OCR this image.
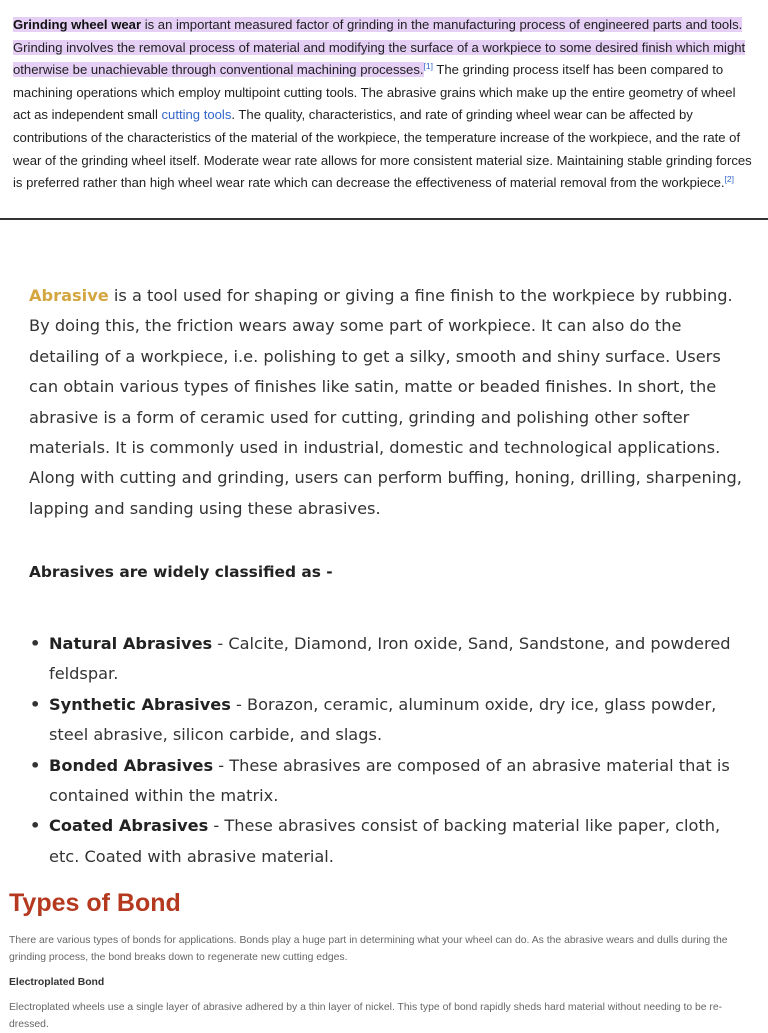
Grinding wheel wear is an important measured factor of grinding in the manufacturing process of engineered parts and tools. Grinding involves the removal process of material and modifying the surface of a workpiece to some desired finish which might otherwise be unachievable through conventional machining processes.[1] The grinding process itself has been compared to machining operations which employ multipoint cutting tools. The abrasive grains which make up the entire geometry of wheel act as independent small cutting tools. The quality, characteristics, and rate of grinding wheel wear can be affected by contributions of the characteristics of the material of the workpiece, the temperature increase of the workpiece, and the rate of wear of the grinding wheel itself. Moderate wear rate allows for more consistent material size. Maintaining stable grinding forces is preferred rather than high wheel wear rate which can decrease the effectiveness of material removal from the workpiece.[2]
Abrasive is a tool used for shaping or giving a fine finish to the workpiece by rubbing. By doing this, the friction wears away some part of workpiece. It can also do the detailing of a workpiece, i.e. polishing to get a silky, smooth and shiny surface. Users can obtain various types of finishes like satin, matte or beaded finishes. In short, the abrasive is a form of ceramic used for cutting, grinding and polishing other softer materials. It is commonly used in industrial, domestic and technological applications. Along with cutting and grinding, users can perform buffing, honing, drilling, sharpening, lapping and sanding using these abrasives.
Abrasives are widely classified as -
• Natural Abrasives - Calcite, Diamond, Iron oxide, Sand, Sandstone, and powdered feldspar.
• Synthetic Abrasives - Borazon, ceramic, aluminum oxide, dry ice, glass powder, steel abrasive, silicon carbide, and slags.
• Bonded Abrasives - These abrasives are composed of an abrasive material that is contained within the matrix.
• Coated Abrasives - These abrasives consist of backing material like paper, cloth, etc. Coated with abrasive material.
Types of Bond
There are various types of bonds for applications. Bonds play a huge part in determining what your wheel can do. As the abrasive wears and dulls during the grinding process, the bond breaks down to regenerate new cutting edges.
Electroplated Bond
Electroplated wheels use a single layer of abrasive adhered by a thin layer of nickel. This type of bond rapidly sheds hard material without needing to be re-dressed.
